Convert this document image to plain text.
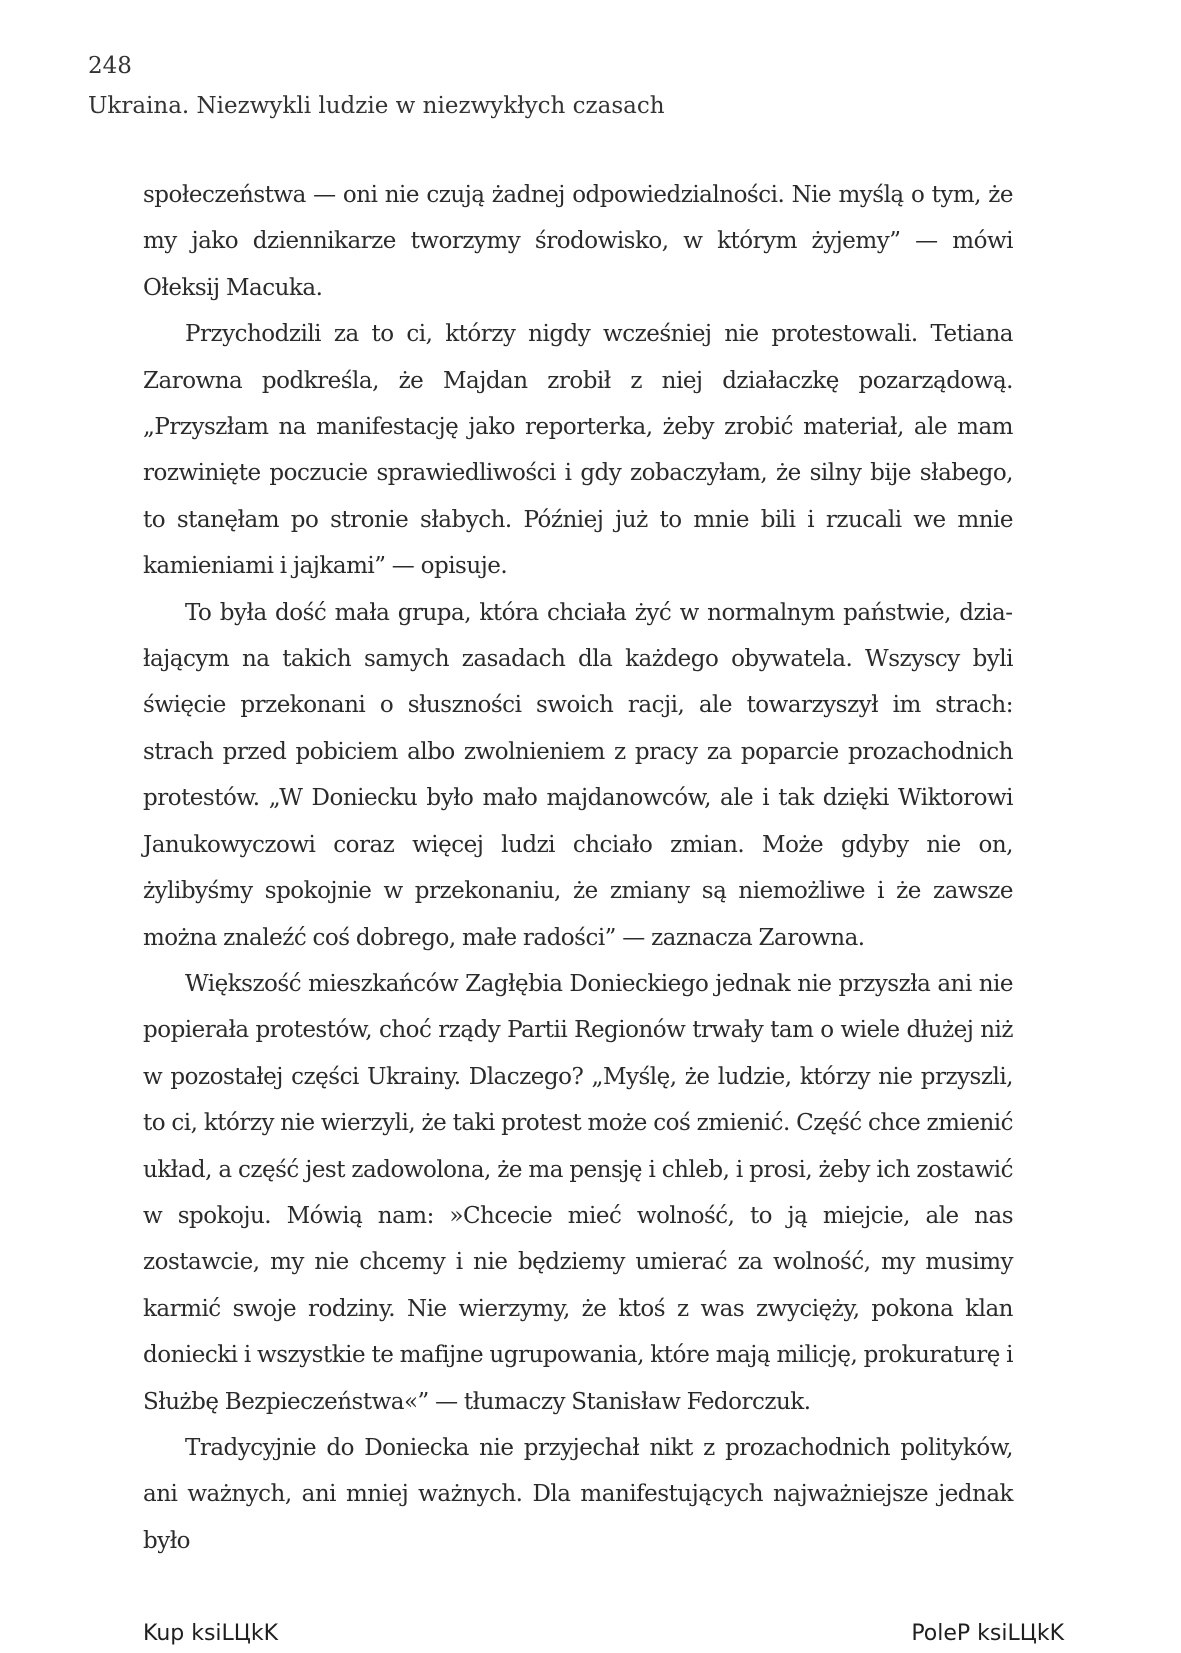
248
Ukraina. Niezwykli ludzie w niezwykłych czasach

społeczeństwa — oni nie czują żadnej odpowiedzialności. Nie myślą o tym, że my jako dziennikarze tworzymy środowisko, w którym żyjemy” — mówi Ołeksij Macuka.

Przychodzili za to ci, którzy nigdy wcześniej nie protestowali. Tetiana Zarowna podkreśla, że Majdan zrobił z niej działaczkę pozarządową. „Przyszłam na manifestację jako reporterka, żeby zrobić materiał, ale mam rozwinięte poczucie sprawiedliwości i gdy zobaczyłam, że silny bije słabego, to stanęłam po stronie słabych. Później już to mnie bili i rzucali we mnie kamieniami i jajkami” — opisuje.

To była dość mała grupa, która chciała żyć w normalnym państwie, działającym na takich samych zasadach dla każdego obywatela. Wszyscy byli święcie przekonani o słuszności swoich racji, ale towarzyszył im strach: strach przed pobiciem albo zwolnieniem z pracy za poparcie prozachodnich protestów. „W Doniecku było mało majdanowców, ale i tak dzięki Wiktorowi Janukowyczowi coraz więcej ludzi chciało zmian. Może gdyby nie on, żylibyśmy spokojnie w przekonaniu, że zmiany są niemożliwe i że zawsze można znaleźć coś dobrego, małe radości” — zaznacza Zarowna.

Większość mieszkańców Zagłębia Donieckiego jednak nie przyszła ani nie popierała protestów, choć rządy Partii Regionów trwały tam o wiele dłużej niż w pozostałej części Ukrainy. Dlaczego? „Myślę, że ludzie, którzy nie przyszli, to ci, którzy nie wierzyli, że taki protest może coś zmienić. Część chce zmienić układ, a część jest zadowolona, że ma pensję i chleb, i prosi, żeby ich zostawić w spokoju. Mówią nam: »Chcecie mieć wolność, to ją miejcie, ale nas zostawcie, my nie chcemy i nie będziemy umierać za wolność, my musimy karmić swoje rodziny. Nie wierzymy, że ktoś z was zwycięży, pokona klan doniecki i wszystkie te mafijne ugrupowania, które mają milicję, prokuraturę i Służbę Bezpieczeństwa«” — tłumaczy Stanisław Fedorczuk.

Tradycyjnie do Doniecka nie przyjechał nikt z prozachodnich polityków, ani ważnych, ani mniej ważnych. Dla manifestujących najważniejsze jednak było

Kup ksiLЦkK	PoleP ksiLЦkK
